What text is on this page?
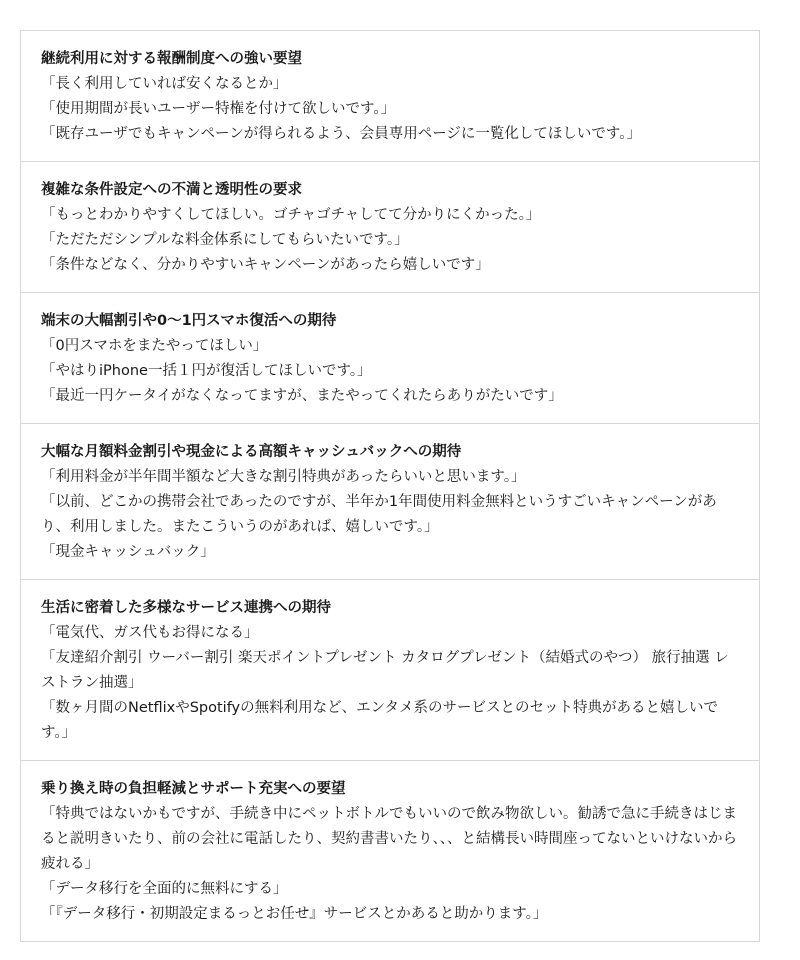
継続利用に対する報酬制度への強い要望

「長く利用していれば安くなるとか」

「使用期間が長いユーザー特権を付けて欲しいです。」

「既存ユーザでもキャンペーンが得られるよう、会員専用ページに一覧化してほしいです。」

複雑な条件設定への不満と透明性の要求

「もっとわかりやすくしてほしい。ゴチャゴチャしてて分かりにくかった。」

「ただただシンプルな料金体系にしてもらいたいです。」

「条件などなく、分かりやすいキャンペーンがあったら嬉しいです」

端末の大幅割引や0〜1円スマホ復活への期待

「0円スマホをまたやってほしい」

「やはりiPhone一括１円が復活してほしいです。」

「最近一円ケータイがなくなってますが、またやってくれたらありがたいです」

大幅な月額料金割引や現金による高額キャッシュバックへの期待

「利用料金が半年間半額など大きな割引特典があったらいいと思います。」

「以前、どこかの携帯会社であったのですが、半年か1年間使用料金無料というすごいキャンペーンがあり、利用しました。またこういうのがあれば、嬉しいです。」

「現金キャッシュバック」

生活に密着した多様なサービス連携への期待

「電気代、ガス代もお得になる」

「友達紹介割引 ウーバー割引 楽天ポイントプレゼント カタログプレゼント（結婚式のやつ） 旅行抽選 レストラン抽選」

「数ヶ月間のNetflixやSpotifyの無料利用など、エンタメ系のサービスとのセット特典があると嬉しいです。」

乗り換え時の負担軽減とサポート充実への要望

「特典ではないかもですが、手続き中にペットボトルでもいいので飲み物欲しい。勧誘で急に手続きはじまると説明きいたり、前の会社に電話したり、契約書書いたり、、、と結構長い時間座ってないといけないから疲れる」

「データ移行を全面的に無料にする」

「『データ移行・初期設定まるっとお任せ』サービスとかあると助かります。」
